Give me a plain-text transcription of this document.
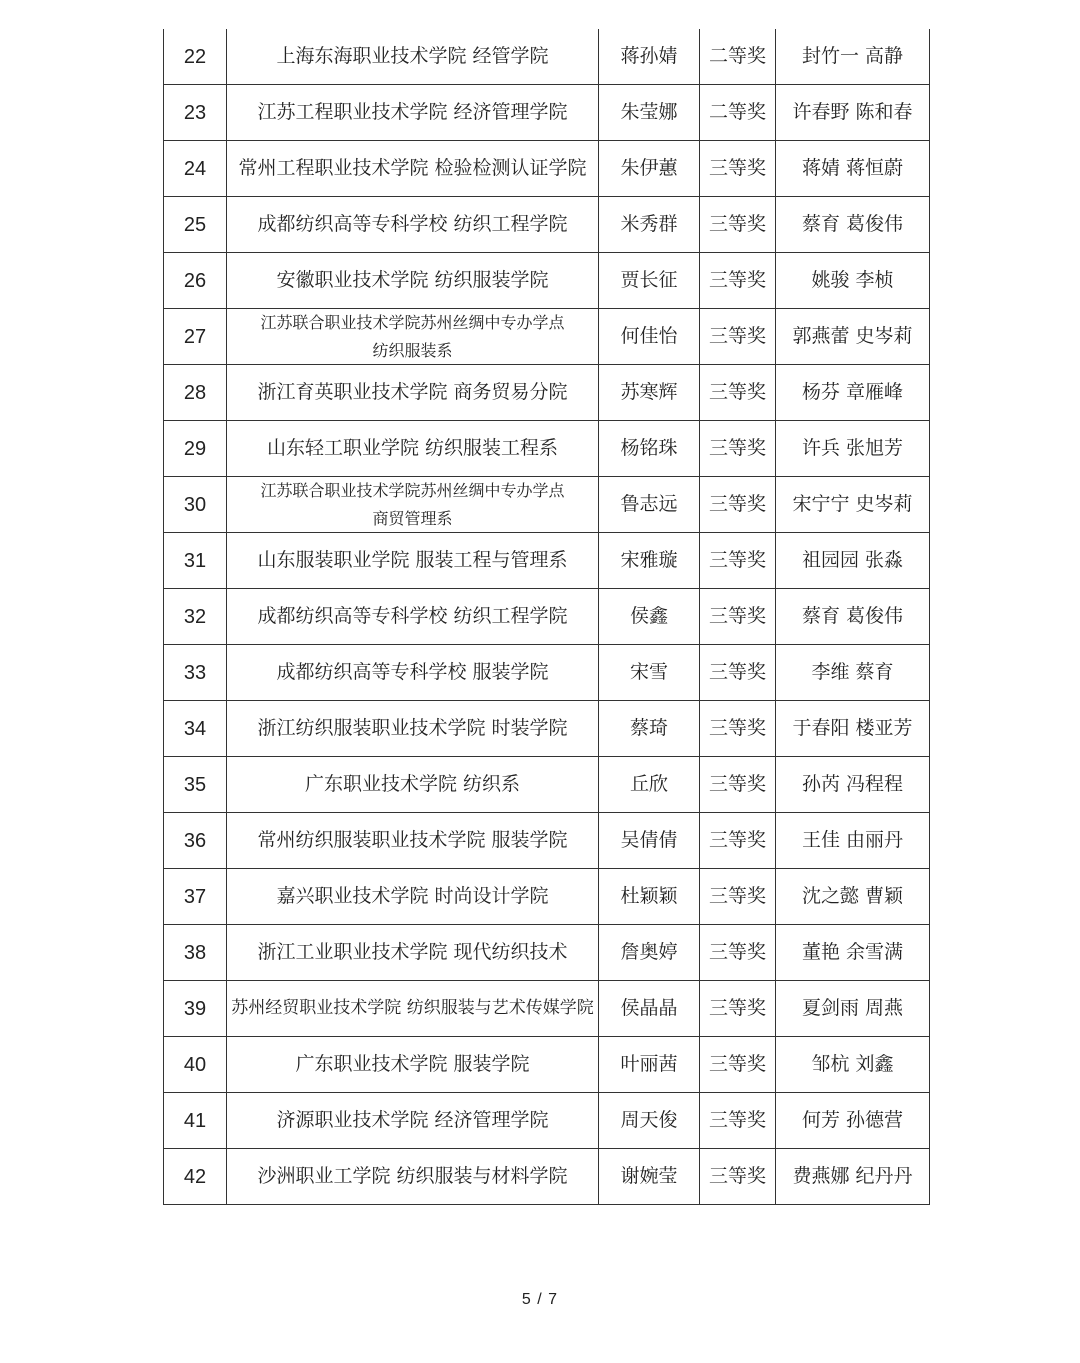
22	上海东海职业技术学院 经管学院	蒋孙婧	二等奖	封竹一 高静
23	江苏工程职业技术学院 经济管理学院	朱莹娜	二等奖	许春野 陈和春
24	常州工程职业技术学院 检验检测认证学院	朱伊蕙	三等奖	蒋婧 蒋恒蔚
25	成都纺织高等专科学校 纺织工程学院	米秀群	三等奖	蔡育 葛俊伟
26	安徽职业技术学院 纺织服装学院	贾长征	三等奖	姚骏 李桢
27	江苏联合职业技术学院苏州丝绸中专办学点
纺织服装系	何佳怡	三等奖	郭燕蕾 史岑莉
28	浙江育英职业技术学院 商务贸易分院	苏寒辉	三等奖	杨芬 章雁峰
29	山东轻工职业学院 纺织服装工程系	杨铭珠	三等奖	许兵 张旭芳
30	江苏联合职业技术学院苏州丝绸中专办学点
商贸管理系	鲁志远	三等奖	宋宁宁 史岑莉
31	山东服装职业学院 服装工程与管理系	宋雅璇	三等奖	祖园园 张淼
32	成都纺织高等专科学校 纺织工程学院	侯鑫	三等奖	蔡育 葛俊伟
33	成都纺织高等专科学校 服装学院	宋雪	三等奖	李维 蔡育
34	浙江纺织服装职业技术学院 时装学院	蔡琦	三等奖	于春阳 楼亚芳
35	广东职业技术学院 纺织系	丘欣	三等奖	孙芮 冯程程
36	常州纺织服装职业技术学院 服装学院	吴倩倩	三等奖	王佳 由丽丹
37	嘉兴职业技术学院 时尚设计学院	杜颖颖	三等奖	沈之懿 曹颖
38	浙江工业职业技术学院 现代纺织技术	詹奥婷	三等奖	董艳 余雪满
39	苏州经贸职业技术学院 纺织服装与艺术传媒学院	侯晶晶	三等奖	夏剑雨 周燕
40	广东职业技术学院 服装学院	叶丽茜	三等奖	邹杭 刘鑫
41	济源职业技术学院 经济管理学院	周天俊	三等奖	何芳 孙德营
42	沙洲职业工学院 纺织服装与材料学院	谢婉莹	三等奖	费燕娜 纪丹丹
5 / 7
